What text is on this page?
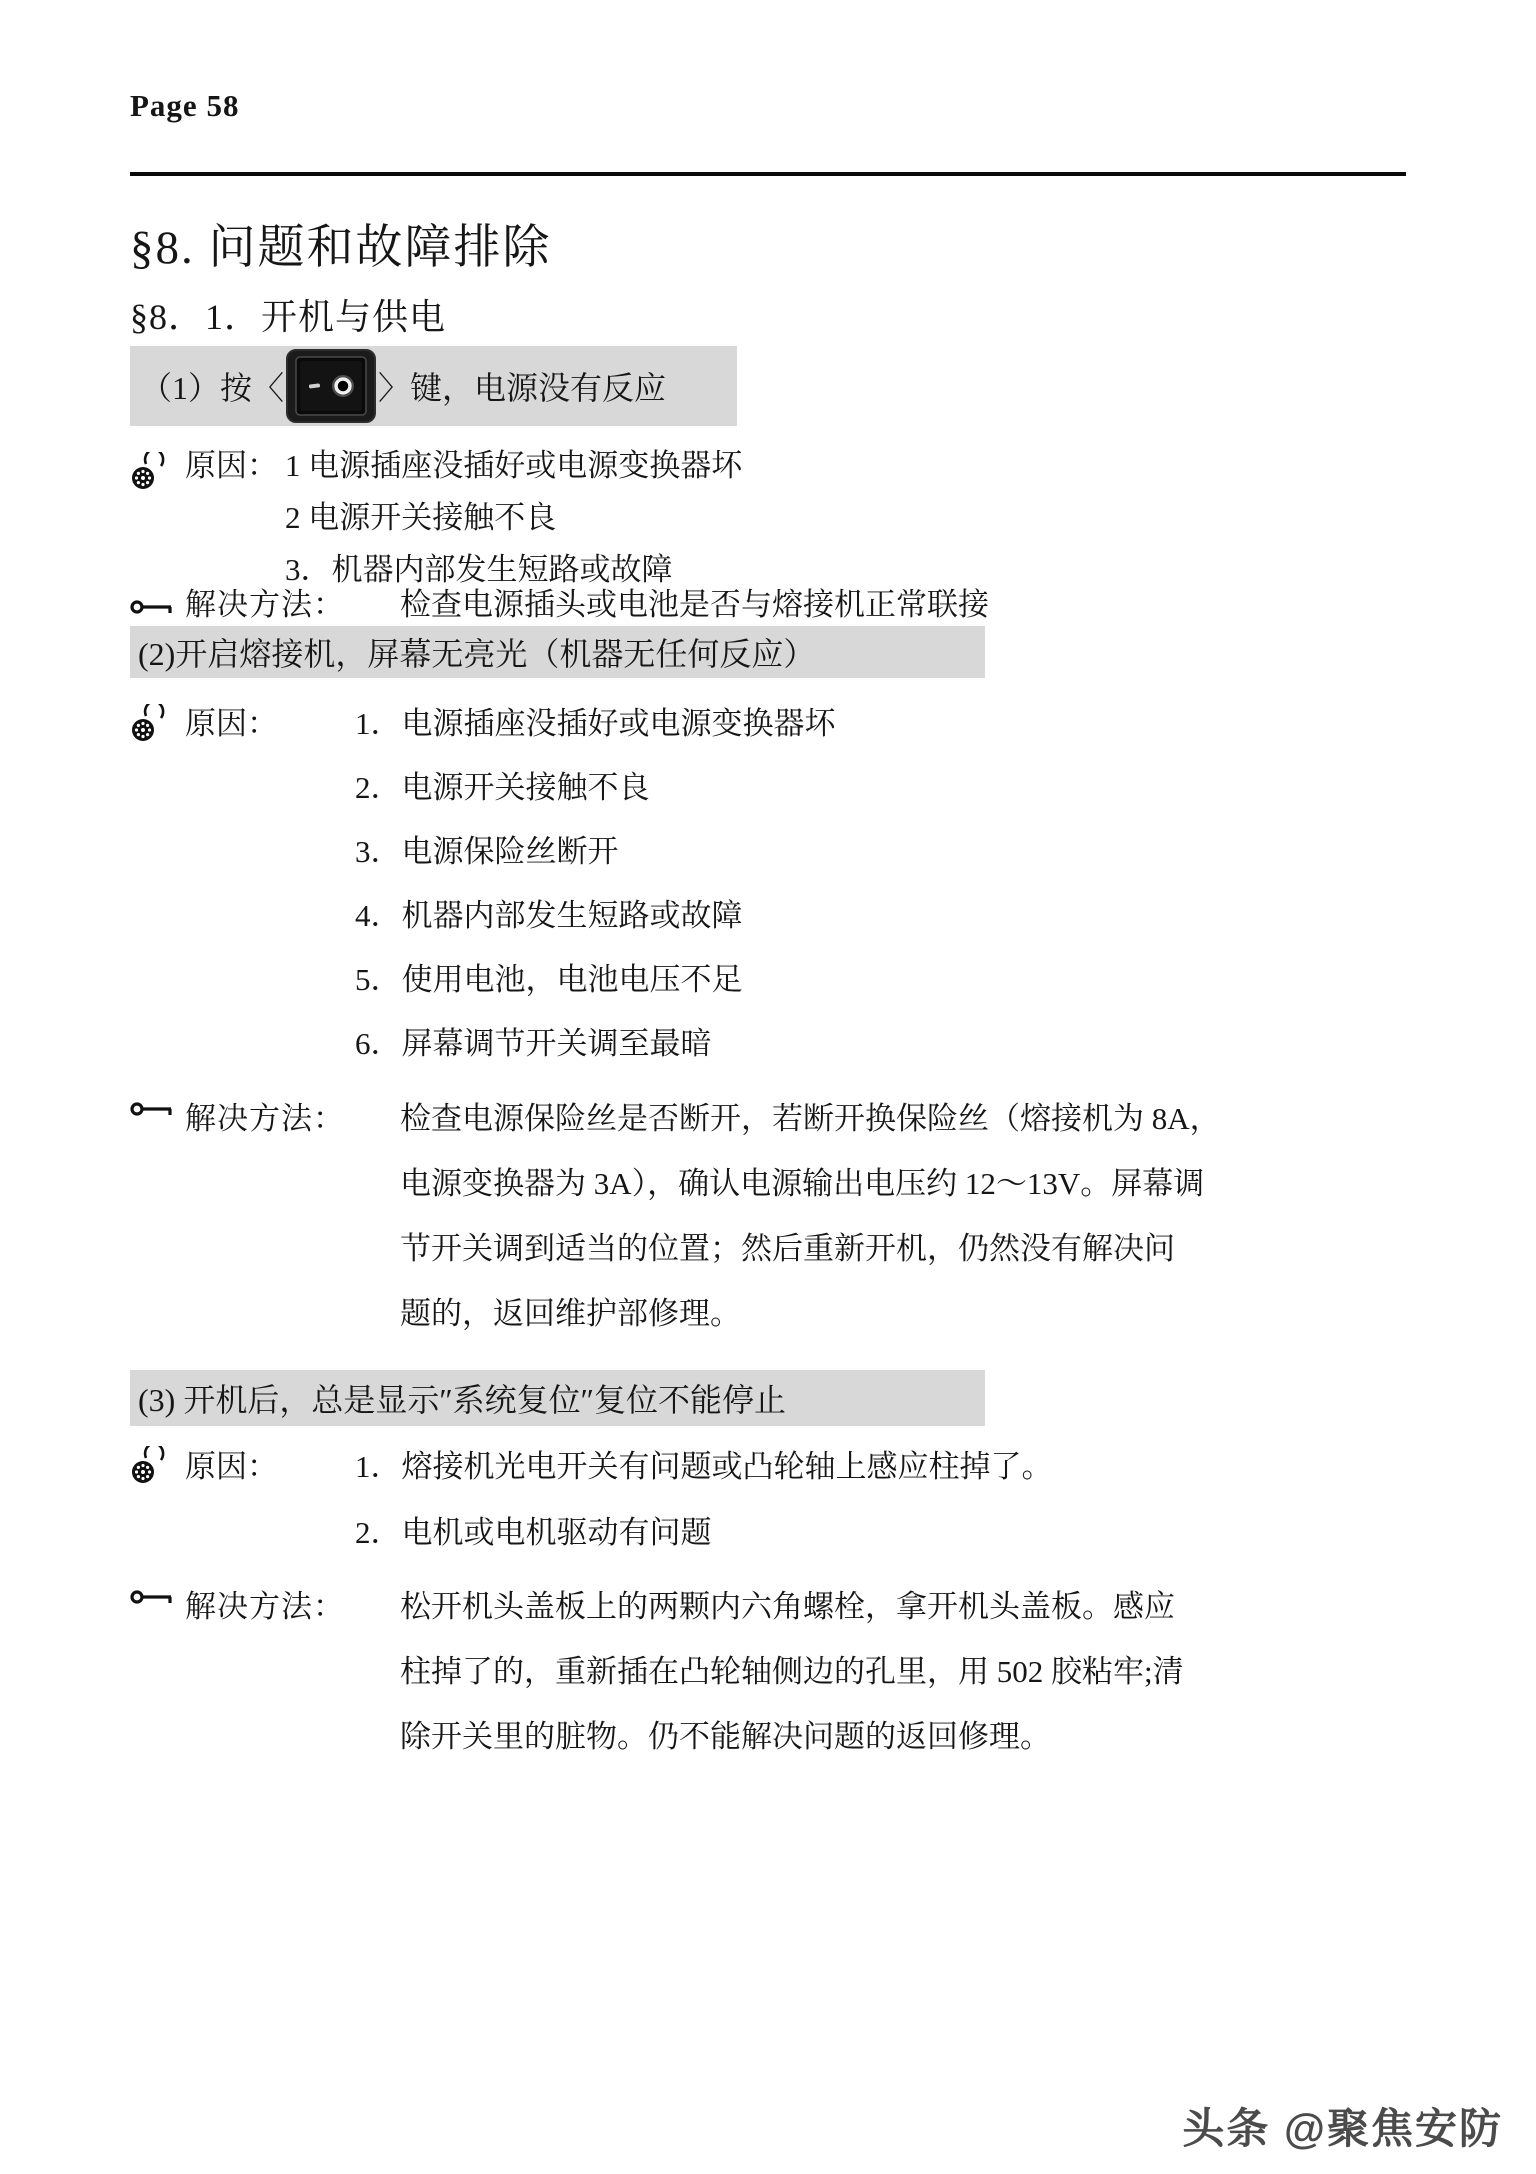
Page 58
§8. 问题和故障排除
§8．1．开机与供电
（1）按〈	〉键，电源没有反应
原因： 1 电源插座没插好或电源变换器坏
2 电源开关接触不良
3．机器内部发生短路或故障
解决方法：	检查电源插头或电池是否与熔接机正常联接
(2)开启熔接机，屏幕无亮光（机器无任何反应）
原因：	1．电源插座没插好或电源变换器坏
2．电源开关接触不良
3．电源保险丝断开
4．机器内部发生短路或故障
5．使用电池，电池电压不足
6．屏幕调节开关调至最暗
解决方法：	检查电源保险丝是否断开，若断开换保险丝（熔接机为 8A，
电源变换器为 3A），确认电源输出电压约 12～13V。屏幕调
节开关调到适当的位置；然后重新开机，仍然没有解决问
题的，返回维护部修理。
(3) 开机后，总是显示″系统复位″复位不能停止
原因：	1．熔接机光电开关有问题或凸轮轴上感应柱掉了。
2．电机或电机驱动有问题
解决方法：	松开机头盖板上的两颗内六角螺栓，拿开机头盖板。感应
柱掉了的，重新插在凸轮轴侧边的孔里，用 502 胶粘牢;清
除开关里的脏物。仍不能解决问题的返回修理。
头条 @聚焦安防
